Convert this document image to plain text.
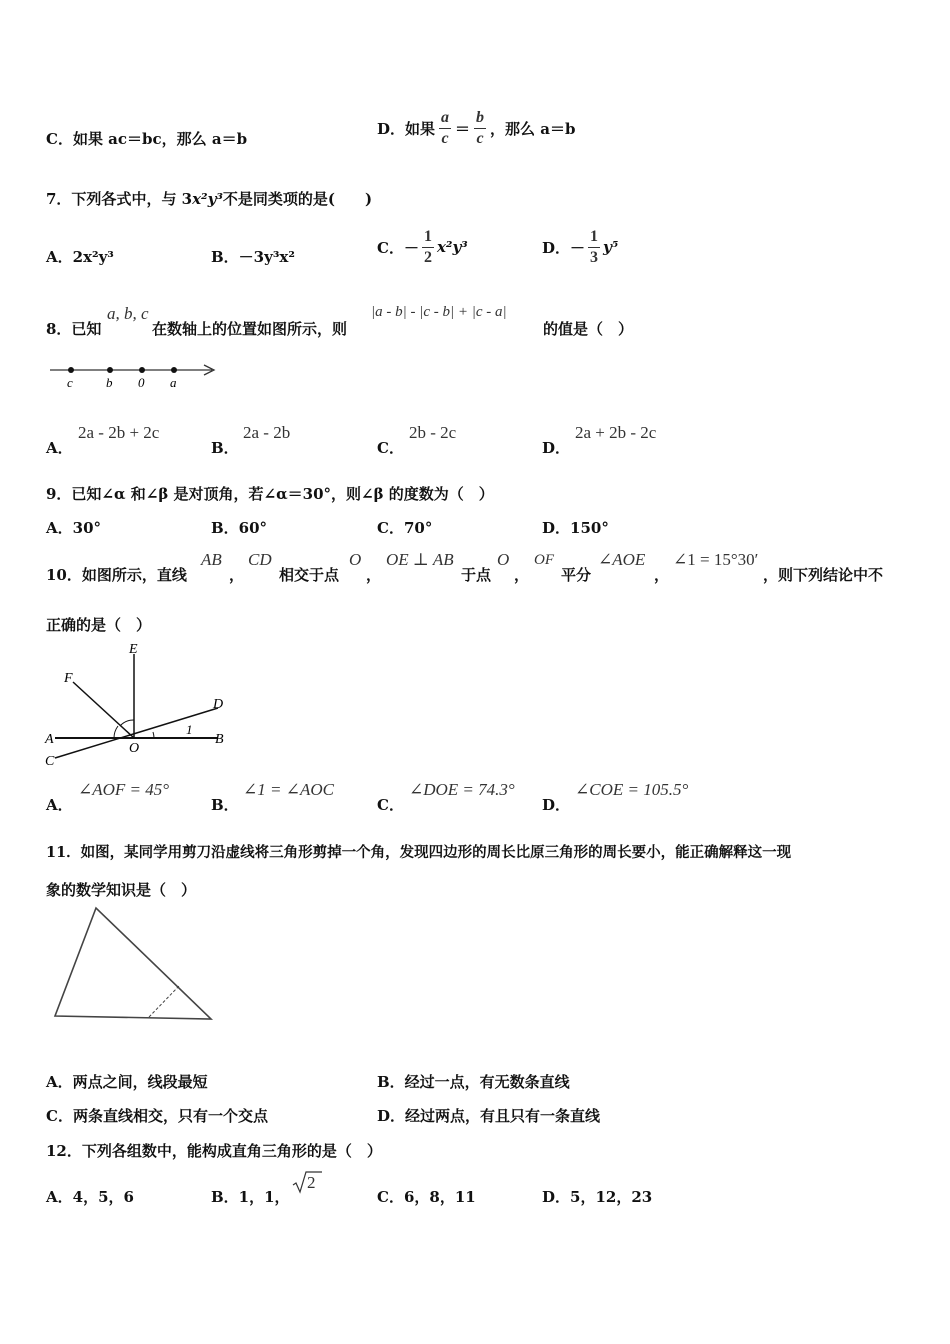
C．如果 ac＝bc，那么 a＝b
D．如果 $\frac{a}{c} = \frac{b}{c}$ ，那么 a＝b
7．下列各式中，与 3x²y³不是同类项的是(　　)
A．2x²y³	B．－3y³x²
C．－ $\frac{1}{2} x^2y^3$	D．－ $\frac{1}{3} y^5$
8．已知
a, b, c
在数轴上的位置如图所示，则
|a - b| - |c - b| + |c - a|
的值是（　）
c	b 0 a
A．
2a - 2b + 2c
B．
2a - 2b
C．
2b - 2c
D．
2a + 2b - 2c
9．已知∠α 和∠β 是对顶角，若∠α＝30°，则∠β 的度数为（　）
A．30°	B．60°	C．70°	D．150°
10．如图所示，直线
AB
，
CD
相交于点
O
，
OE ⊥ AB
于点
O
，
OF
平分
∠AOE
，
∠1 = 15°30′
，则下列结论中不
正确的是（　）
E
F
D
A
O
B
C
1
A．
∠AOF = 45°
B．
∠1 = ∠AOC
C．
∠DOE = 74.3°
D．
∠COE = 105.5°
11．如图，某同学用剪刀沿虚线将三角形剪掉一个角，发现四边形的周长比原三角形的周长要小，能正确解释这一现
象的数学知识是（　）
A．两点之间，线段最短	B．经过一点，有无数条直线
C．两条直线相交，只有一个交点	D．经过两点，有且只有一条直线
12．下列各组数中，能构成直角三角形的是（　）
A．4，5，6	B．1，1，
2
C．6，8，11	D．5，12，23
